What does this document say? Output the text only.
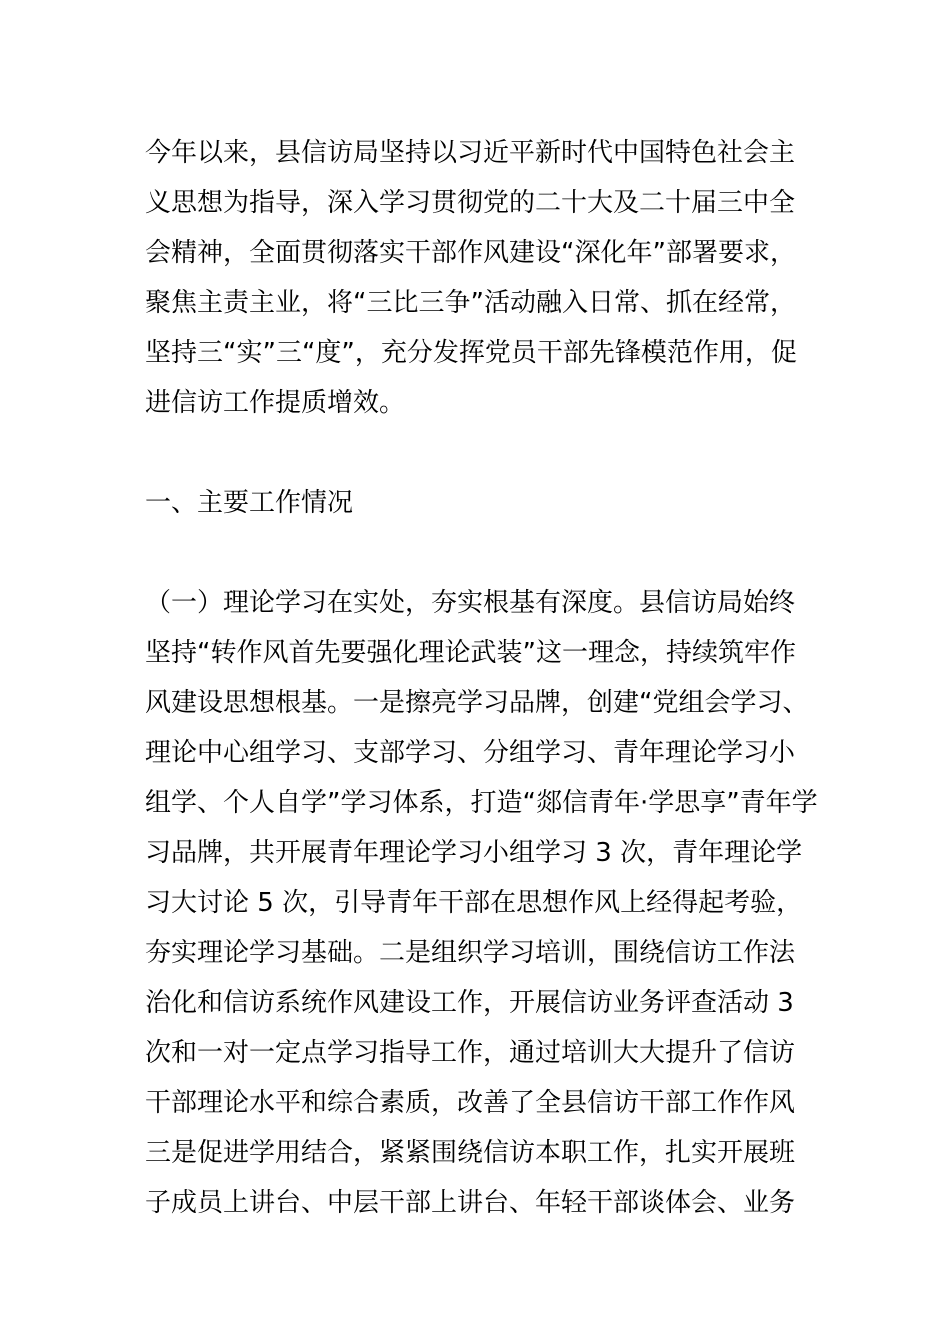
今年以来，县信访局坚持以习近平新时代中国特色社会主
义思想为指导，深入学习贯彻党的二十大及二十届三中全
会精神，全面贯彻落实干部作风建设“深化年”部署要求，
聚焦主责主业，将“三比三争”活动融入日常、抓在经常，
坚持三“实”三“度”，充分发挥党员干部先锋模范作用，促
进信访工作提质增效。
一、主要工作情况
（一）理论学习在实处，夯实根基有深度。县信访局始终
坚持“转作风首先要强化理论武装”这一理念，持续筑牢作
风建设思想根基。一是擦亮学习品牌，创建“党组会学习、
理论中心组学习、支部学习、分组学习、青年理论学习小
组学、个人自学”学习体系，打造“郯信青年·学思享”青年学
习品牌，共开展青年理论学习小组学习 3 次，青年理论学
习大讨论 5 次，引导青年干部在思想作风上经得起考验，
夯实理论学习基础。二是组织学习培训，围绕信访工作法
治化和信访系统作风建设工作，开展信访业务评查活动 3
次和一对一定点学习指导工作，通过培训大大提升了信访
干部理论水平和综合素质，改善了全县信访干部工作作风
三是促进学用结合，紧紧围绕信访本职工作，扎实开展班
子成员上讲台、中层干部上讲台、年轻干部谈体会、业务
